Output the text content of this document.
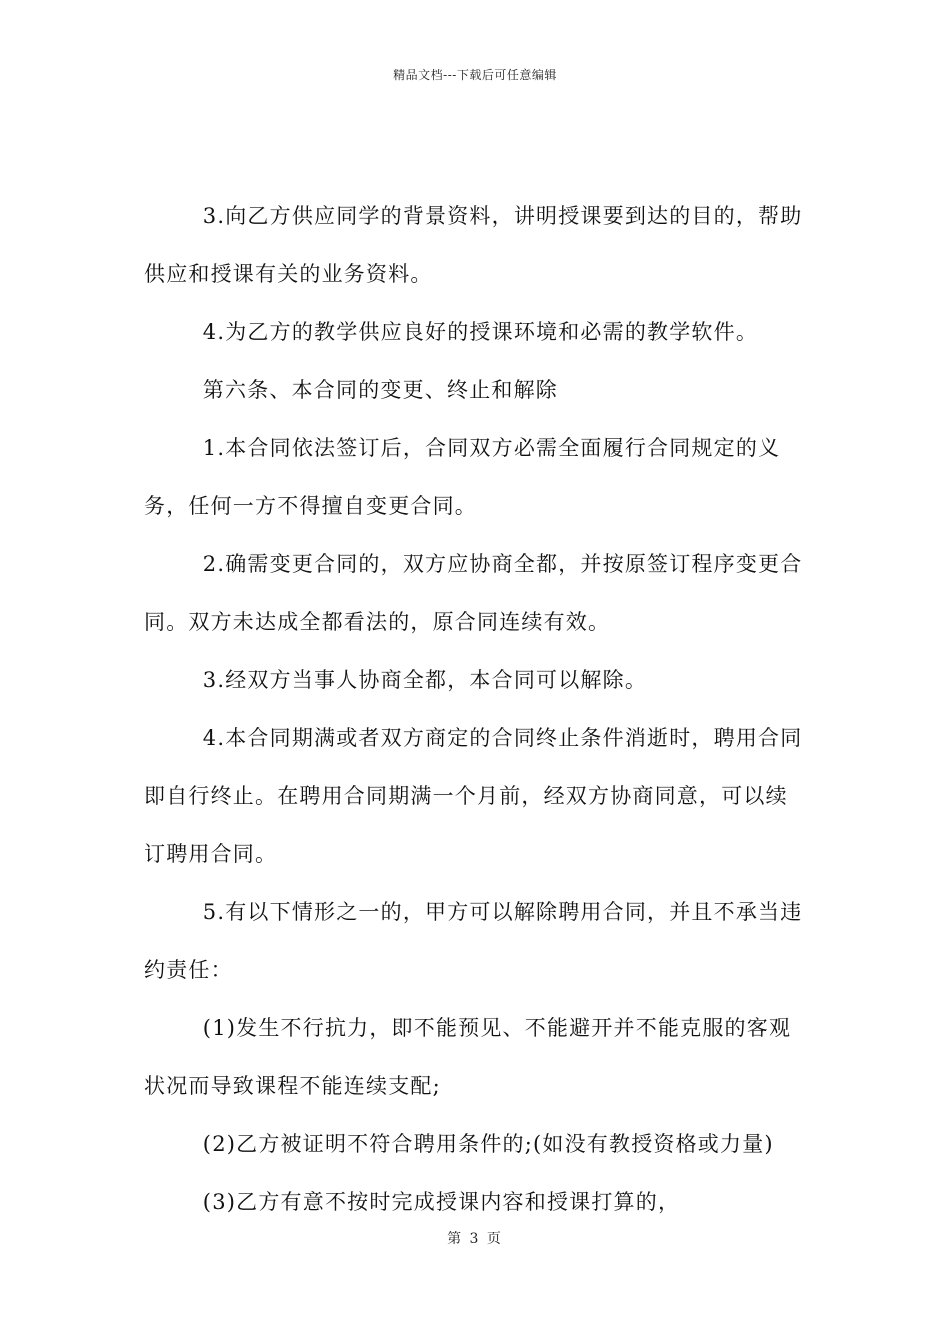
精品文档---下载后可任意编辑

3.向乙方供应同学的背景资料，讲明授课要到达的目的，帮助供应和授课有关的业务资料。

4.为乙方的教学供应良好的授课环境和必需的教学软件。

第六条、本合同的变更、终止和解除

1.本合同依法签订后，合同双方必需全面履行合同规定的义务，任何一方不得擅自变更合同。

2.确需变更合同的，双方应协商全都，并按原签订程序变更合同。双方未达成全都看法的，原合同连续有效。

3.经双方当事人协商全都，本合同可以解除。

4.本合同期满或者双方商定的合同终止条件消逝时，聘用合同即自行终止。在聘用合同期满一个月前，经双方协商同意，可以续订聘用合同。

5.有以下情形之一的，甲方可以解除聘用合同，并且不承当违约责任：

(1)发生不行抗力，即不能预见、不能避开并不能克服的客观状况而导致课程不能连续支配;

(2)乙方被证明不符合聘用条件的;(如没有教授资格或力量)

(3)乙方有意不按时完成授课内容和授课打算的，

第 3 页
